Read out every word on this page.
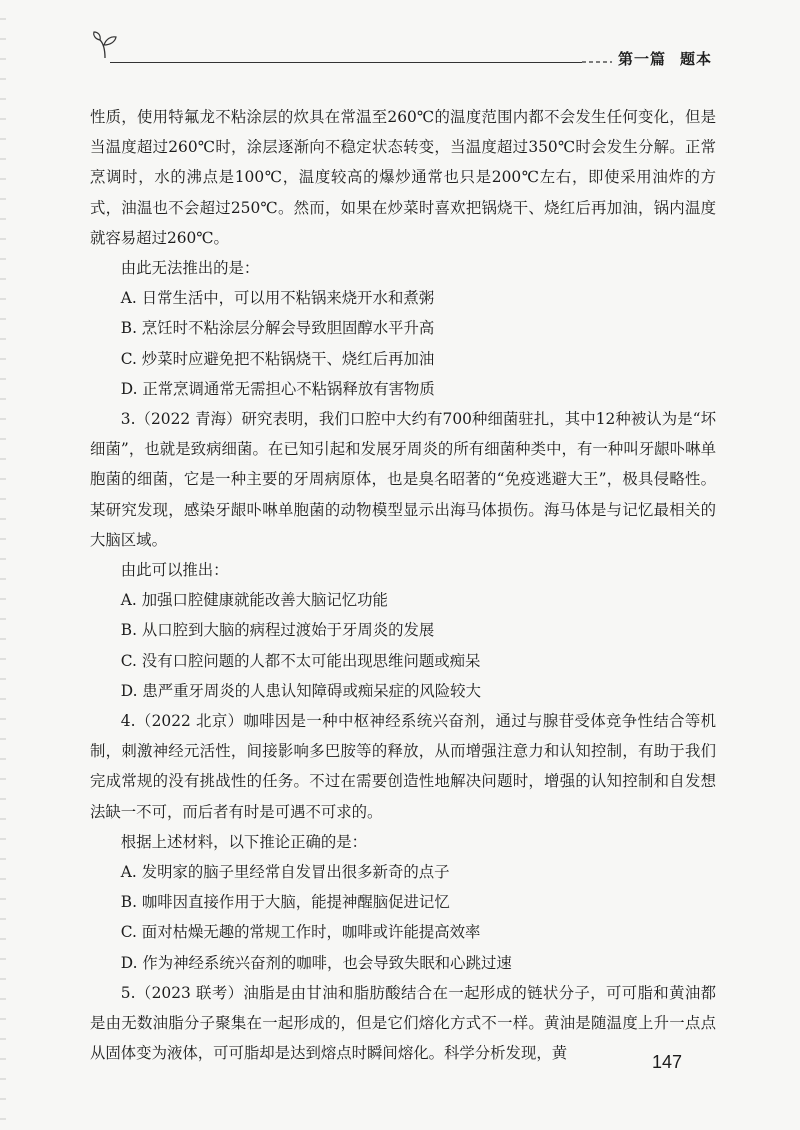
第一篇 题本

性质，使用特氟龙不粘涂层的炊具在常温至260℃的温度范围内都不会发生任何变化，但是当温度超过260℃时，涂层逐渐向不稳定状态转变，当温度超过350℃时会发生分解。正常烹调时，水的沸点是100℃，温度较高的爆炒通常也只是200℃左右，即使采用油炸的方式，油温也不会超过250℃。然而，如果在炒菜时喜欢把锅烧干、烧红后再加油，锅内温度就容易超过260℃。

由此无法推出的是：

A. 日常生活中，可以用不粘锅来烧开水和煮粥

B. 烹饪时不粘涂层分解会导致胆固醇水平升高

C. 炒菜时应避免把不粘锅烧干、烧红后再加油

D. 正常烹调通常无需担心不粘锅释放有害物质

3.（2022 青海）研究表明，我们口腔中大约有700种细菌驻扎，其中12种被认为是“坏细菌”，也就是致病细菌。在已知引起和发展牙周炎的所有细菌种类中，有一种叫牙龈卟啉单胞菌的细菌，它是一种主要的牙周病原体，也是臭名昭著的“免疫逃避大王”，极具侵略性。某研究发现，感染牙龈卟啉单胞菌的动物模型显示出海马体损伤。海马体是与记忆最相关的大脑区域。

由此可以推出：

A. 加强口腔健康就能改善大脑记忆功能

B. 从口腔到大脑的病程过渡始于牙周炎的发展

C. 没有口腔问题的人都不太可能出现思维问题或痴呆

D. 患严重牙周炎的人患认知障碍或痴呆症的风险较大

4.（2022 北京）咖啡因是一种中枢神经系统兴奋剂，通过与腺苷受体竞争性结合等机制，刺激神经元活性，间接影响多巴胺等的释放，从而增强注意力和认知控制，有助于我们完成常规的没有挑战性的任务。不过在需要创造性地解决问题时，增强的认知控制和自发想法缺一不可，而后者有时是可遇不可求的。

根据上述材料，以下推论正确的是：

A. 发明家的脑子里经常自发冒出很多新奇的点子

B. 咖啡因直接作用于大脑，能提神醒脑促进记忆

C. 面对枯燥无趣的常规工作时，咖啡或许能提高效率

D. 作为神经系统兴奋剂的咖啡，也会导致失眠和心跳过速

5.（2023 联考）油脂是由甘油和脂肪酸结合在一起形成的链状分子，可可脂和黄油都是由无数油脂分子聚集在一起形成的，但是它们熔化方式不一样。黄油是随温度上升一点点从固体变为液体，可可脂却是达到熔点时瞬间熔化。科学分析发现，黄	147
